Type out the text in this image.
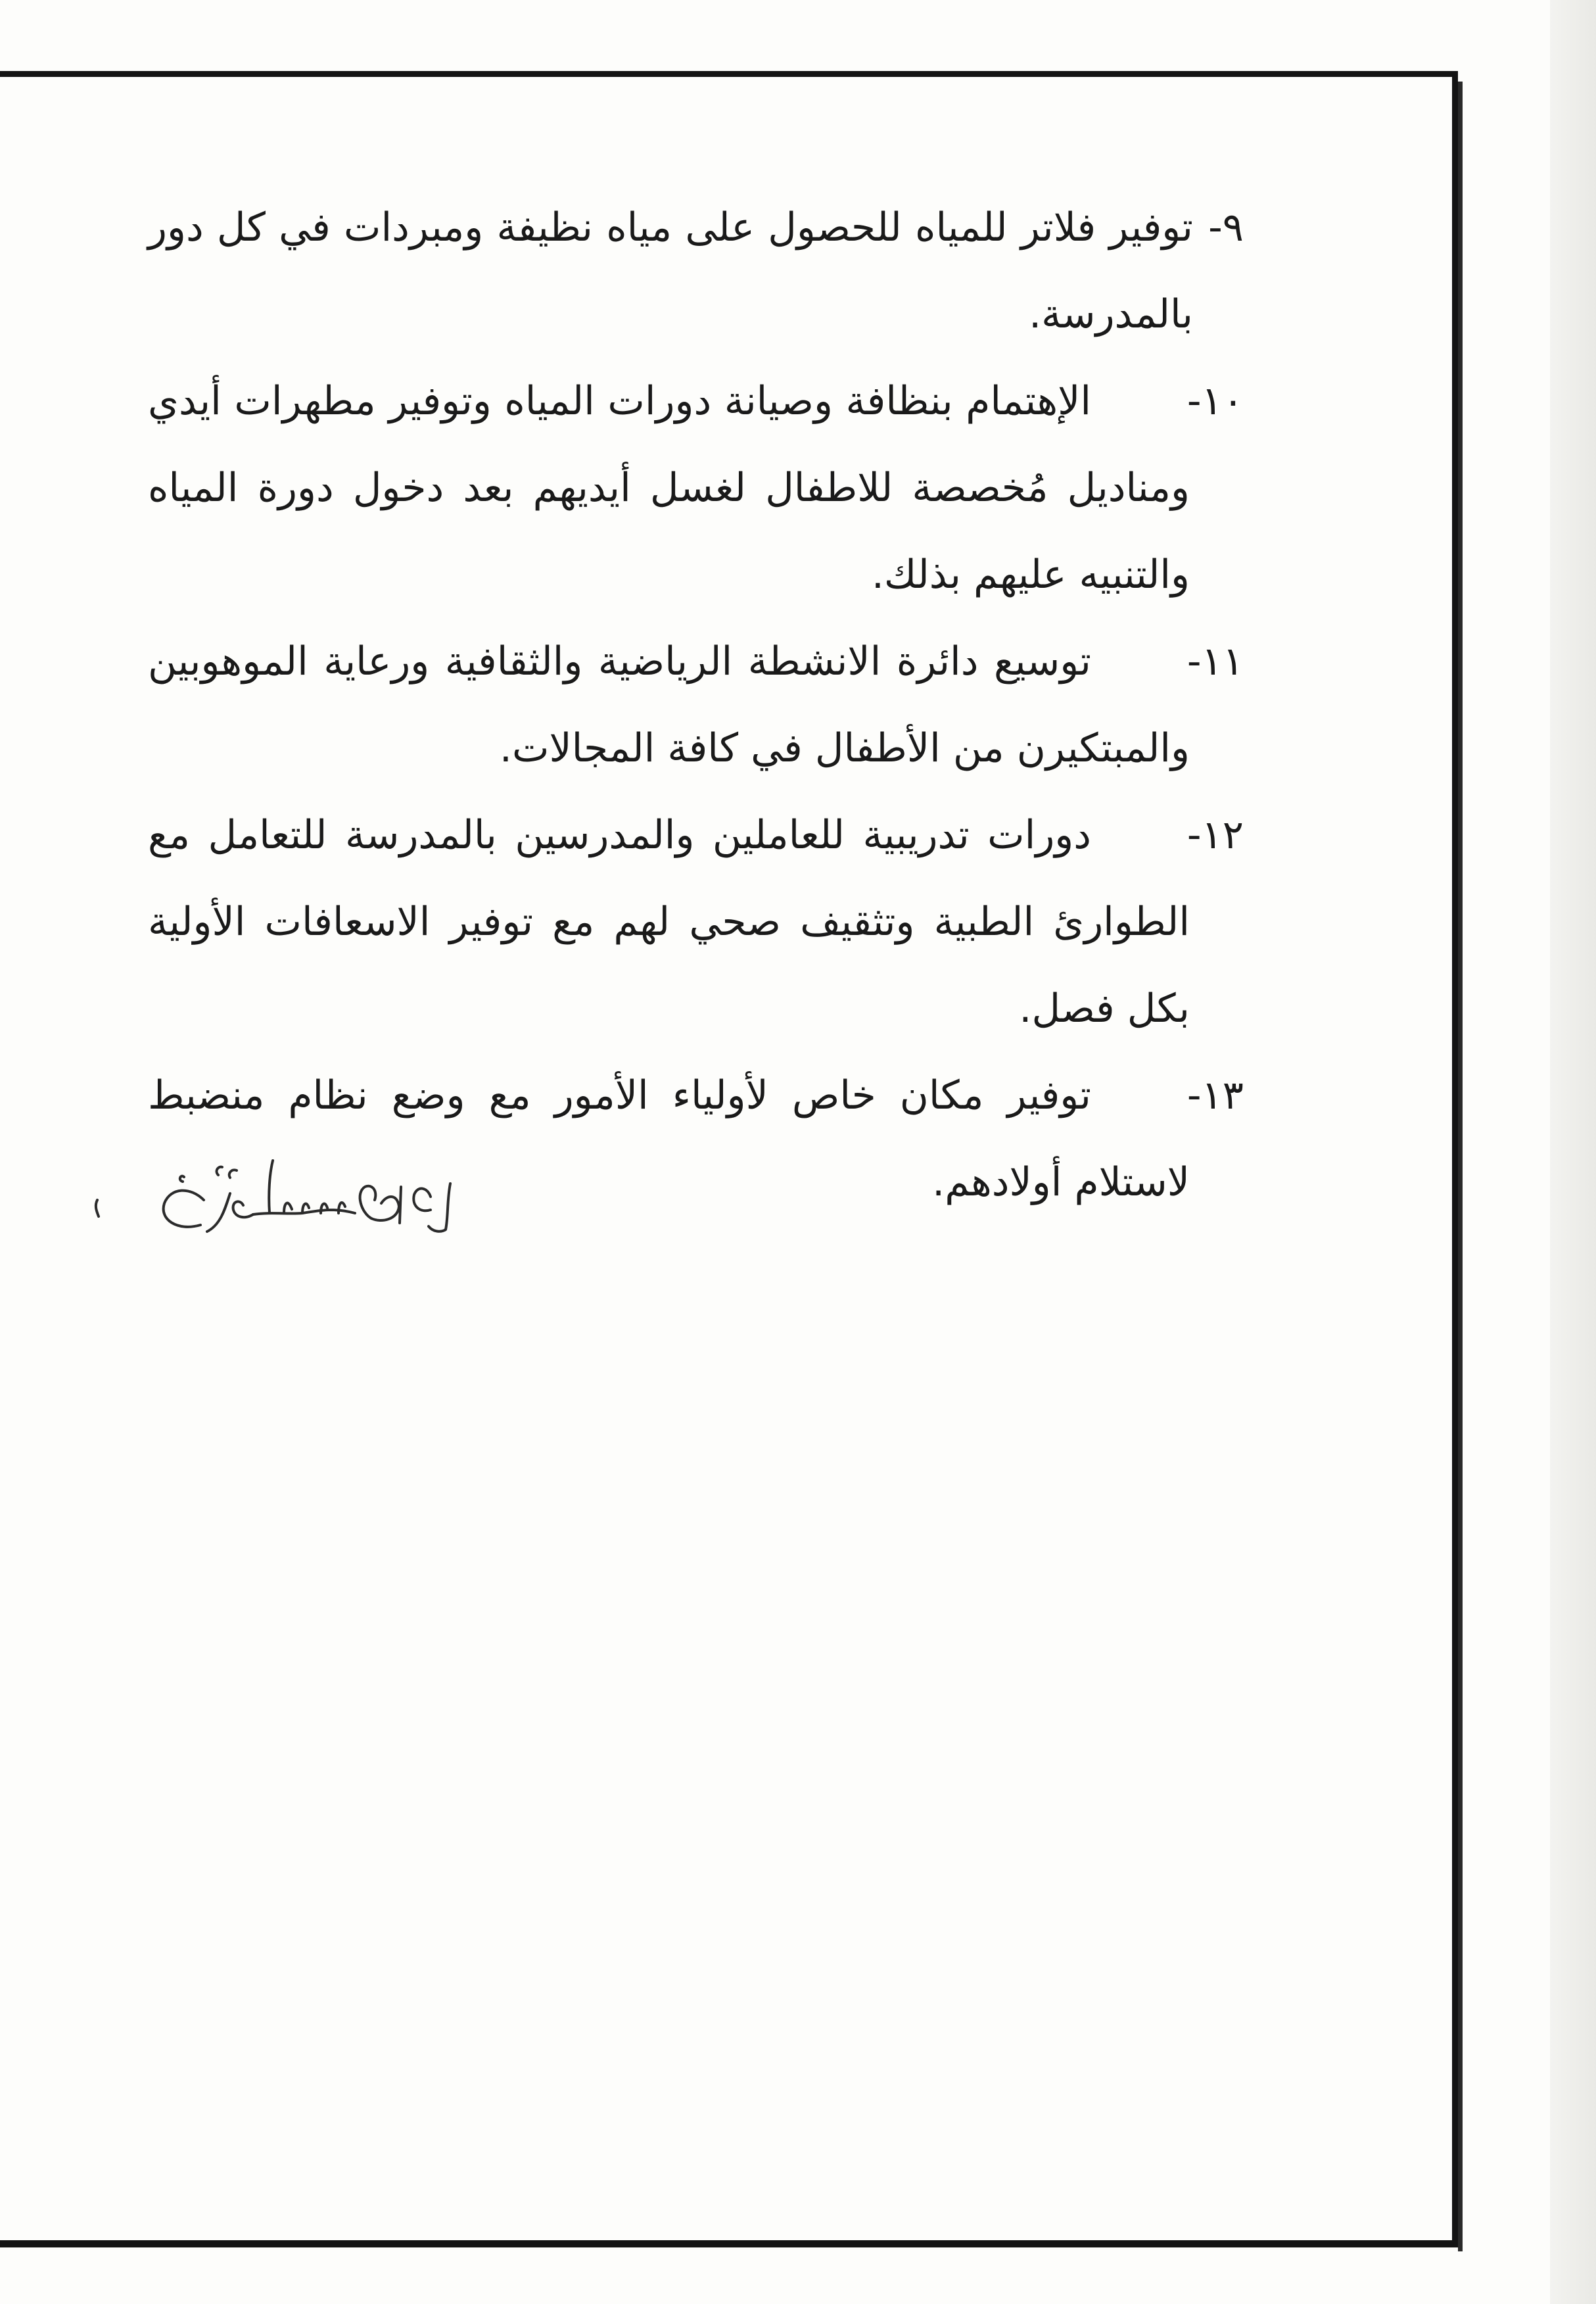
٩-
توفير فلاتر للمياه للحصول على مياه نظيفة ومبردات في كل دور بالمدرسة.
١٠-
الإهتمام بنظافة وصيانة دورات المياه وتوفير مطهرات أيدي ومناديل مُخصصة للاطفال لغسل أيديهم بعد دخول دورة المياه والتنبيه عليهم بذلك.
١١-
توسيع دائرة الانشطة الرياضية والثقافية ورعاية الموهوبين والمبتكيرن من الأطفال في كافة المجالات.
١٢-
دورات تدريبية للعاملين والمدرسين بالمدرسة للتعامل مع الطوارئ الطبية وتثقيف صحي لهم مع توفير الاسعافات الأولية بكل فصل.
١٣-
توفير مكان خاص لأولياء الأمور مع وضع نظام منضبط لاستلام أولادهم.
